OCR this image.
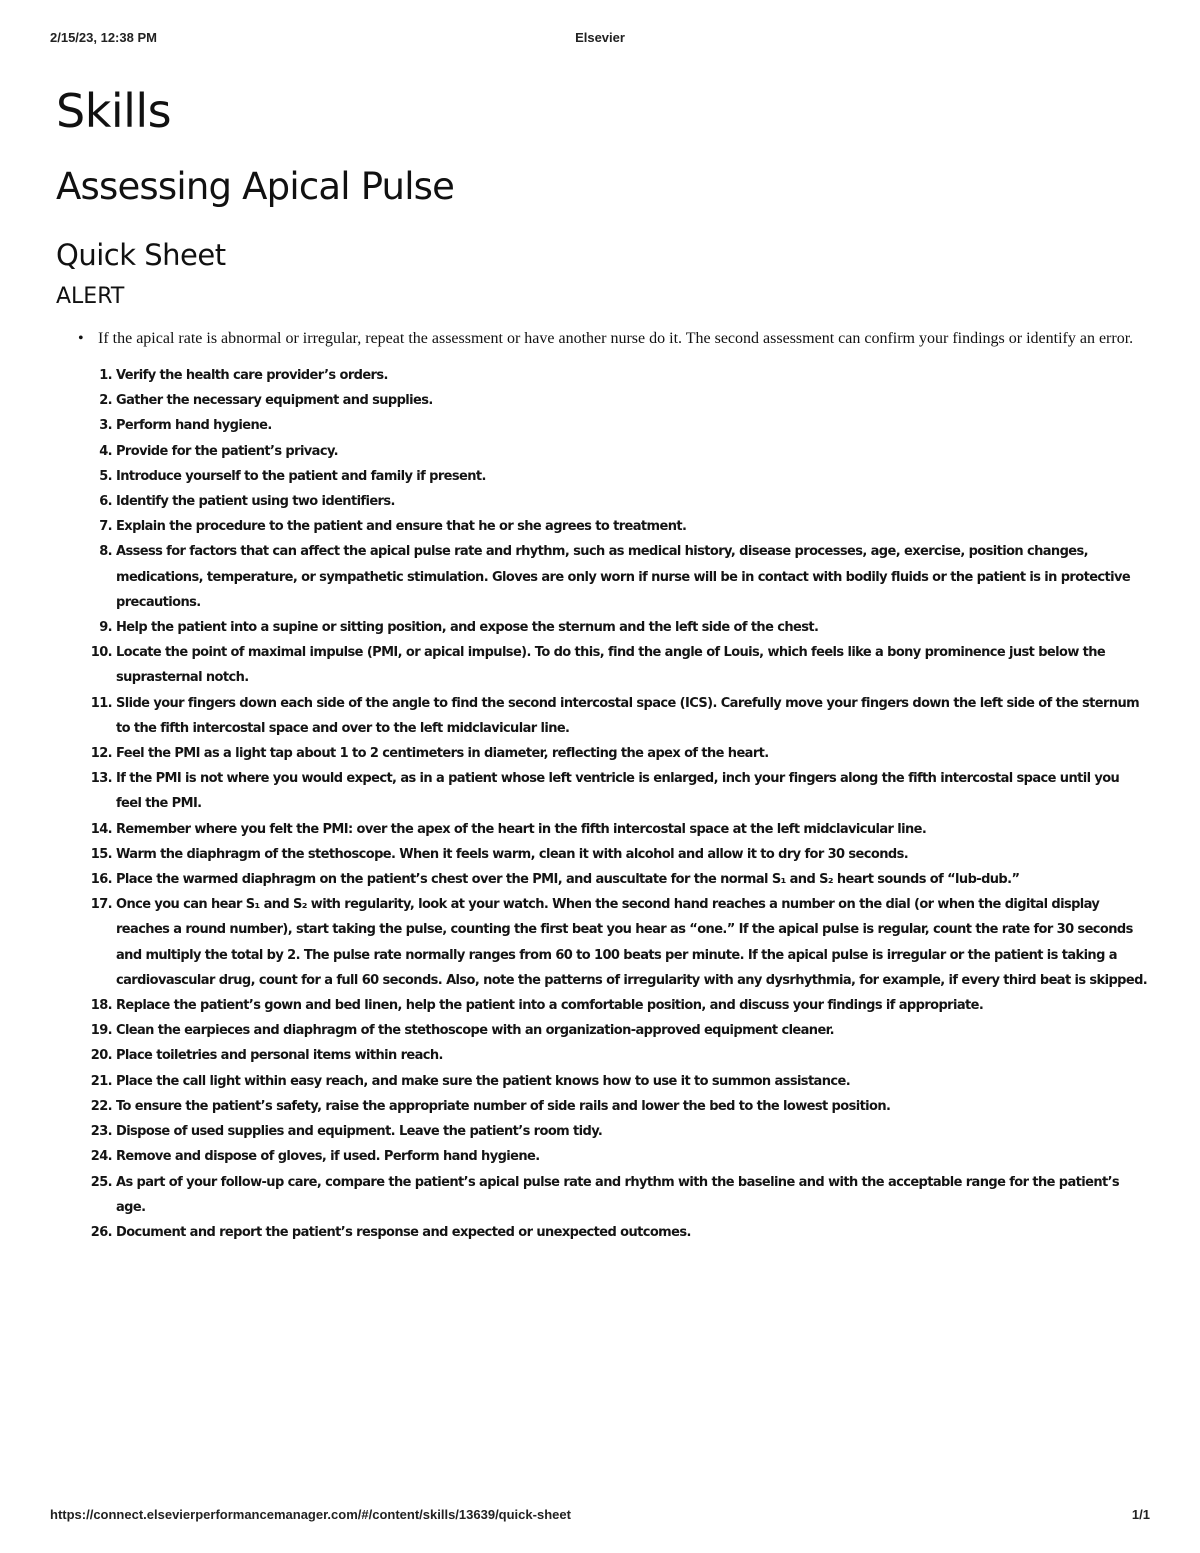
2/15/23, 12:38 PM	Elsevier
Skills
Assessing Apical Pulse
Quick Sheet
ALERT
• If the apical rate is abnormal or irregular, repeat the assessment or have another nurse do it. The second assessment can confirm your findings or identify an error.
1. Verify the health care provider’s orders.
2. Gather the necessary equipment and supplies.
3. Perform hand hygiene.
4. Provide for the patient’s privacy.
5. Introduce yourself to the patient and family if present.
6. Identify the patient using two identifiers.
7. Explain the procedure to the patient and ensure that he or she agrees to treatment.
8. Assess for factors that can affect the apical pulse rate and rhythm, such as medical history, disease processes, age, exercise, position changes, medications, temperature, or sympathetic stimulation. Gloves are only worn if nurse will be in contact with bodily fluids or the patient is in protective precautions.
9. Help the patient into a supine or sitting position, and expose the sternum and the left side of the chest.
10. Locate the point of maximal impulse (PMI, or apical impulse). To do this, find the angle of Louis, which feels like a bony prominence just below the suprasternal notch.
11. Slide your fingers down each side of the angle to find the second intercostal space (ICS). Carefully move your fingers down the left side of the sternum to the fifth intercostal space and over to the left midclavicular line.
12. Feel the PMI as a light tap about 1 to 2 centimeters in diameter, reflecting the apex of the heart.
13. If the PMI is not where you would expect, as in a patient whose left ventricle is enlarged, inch your fingers along the fifth intercostal space until you feel the PMI.
14. Remember where you felt the PMI: over the apex of the heart in the fifth intercostal space at the left midclavicular line.
15. Warm the diaphragm of the stethoscope. When it feels warm, clean it with alcohol and allow it to dry for 30 seconds.
16. Place the warmed diaphragm on the patient’s chest over the PMI, and auscultate for the normal S₁ and S₂ heart sounds of “lub-dub.”
17. Once you can hear S₁ and S₂ with regularity, look at your watch. When the second hand reaches a number on the dial (or when the digital display reaches a round number), start taking the pulse, counting the first beat you hear as “one.” If the apical pulse is regular, count the rate for 30 seconds and multiply the total by 2. The pulse rate normally ranges from 60 to 100 beats per minute. If the apical pulse is irregular or the patient is taking a cardiovascular drug, count for a full 60 seconds. Also, note the patterns of irregularity with any dysrhythmia, for example, if every third beat is skipped.
18. Replace the patient’s gown and bed linen, help the patient into a comfortable position, and discuss your findings if appropriate.
19. Clean the earpieces and diaphragm of the stethoscope with an organization-approved equipment cleaner.
20. Place toiletries and personal items within reach.
21. Place the call light within easy reach, and make sure the patient knows how to use it to summon assistance.
22. To ensure the patient’s safety, raise the appropriate number of side rails and lower the bed to the lowest position.
23. Dispose of used supplies and equipment. Leave the patient’s room tidy.
24. Remove and dispose of gloves, if used. Perform hand hygiene.
25. As part of your follow-up care, compare the patient’s apical pulse rate and rhythm with the baseline and with the acceptable range for the patient’s age.
26. Document and report the patient’s response and expected or unexpected outcomes.
https://connect.elsevierperformancemanager.com/#/content/skills/13639/quick-sheet	1/1
